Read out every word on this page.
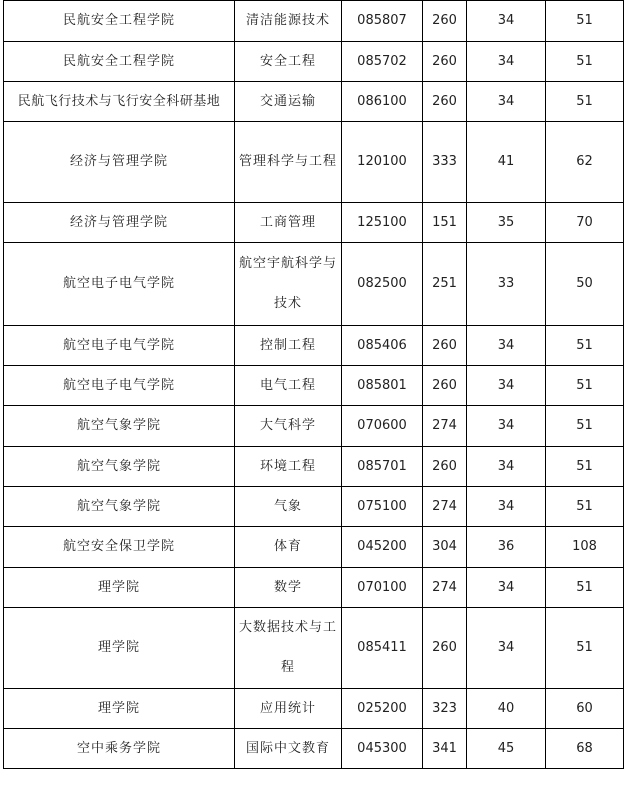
民航安全工程学院	清洁能源技术	085807	260	34	51
民航安全工程学院	安全工程	085702	260	34	51
民航飞行技术与飞行安全科研基地	交通运输	086100	260	34	51
经济与管理学院	管理科学与工程	120100	333	41	62
经济与管理学院	工商管理	125100	151	35	70
航空电子电气学院	航空宇航科学与技术	082500	251	33	50
航空电子电气学院	控制工程	085406	260	34	51
航空电子电气学院	电气工程	085801	260	34	51
航空气象学院	大气科学	070600	274	34	51
航空气象学院	环境工程	085701	260	34	51
航空气象学院	气象	075100	274	34	51
航空安全保卫学院	体育	045200	304	36	108
理学院	数学	070100	274	34	51
理学院	大数据技术与工程	085411	260	34	51
理学院	应用统计	025200	323	40	60
空中乘务学院	国际中文教育	045300	341	45	68
